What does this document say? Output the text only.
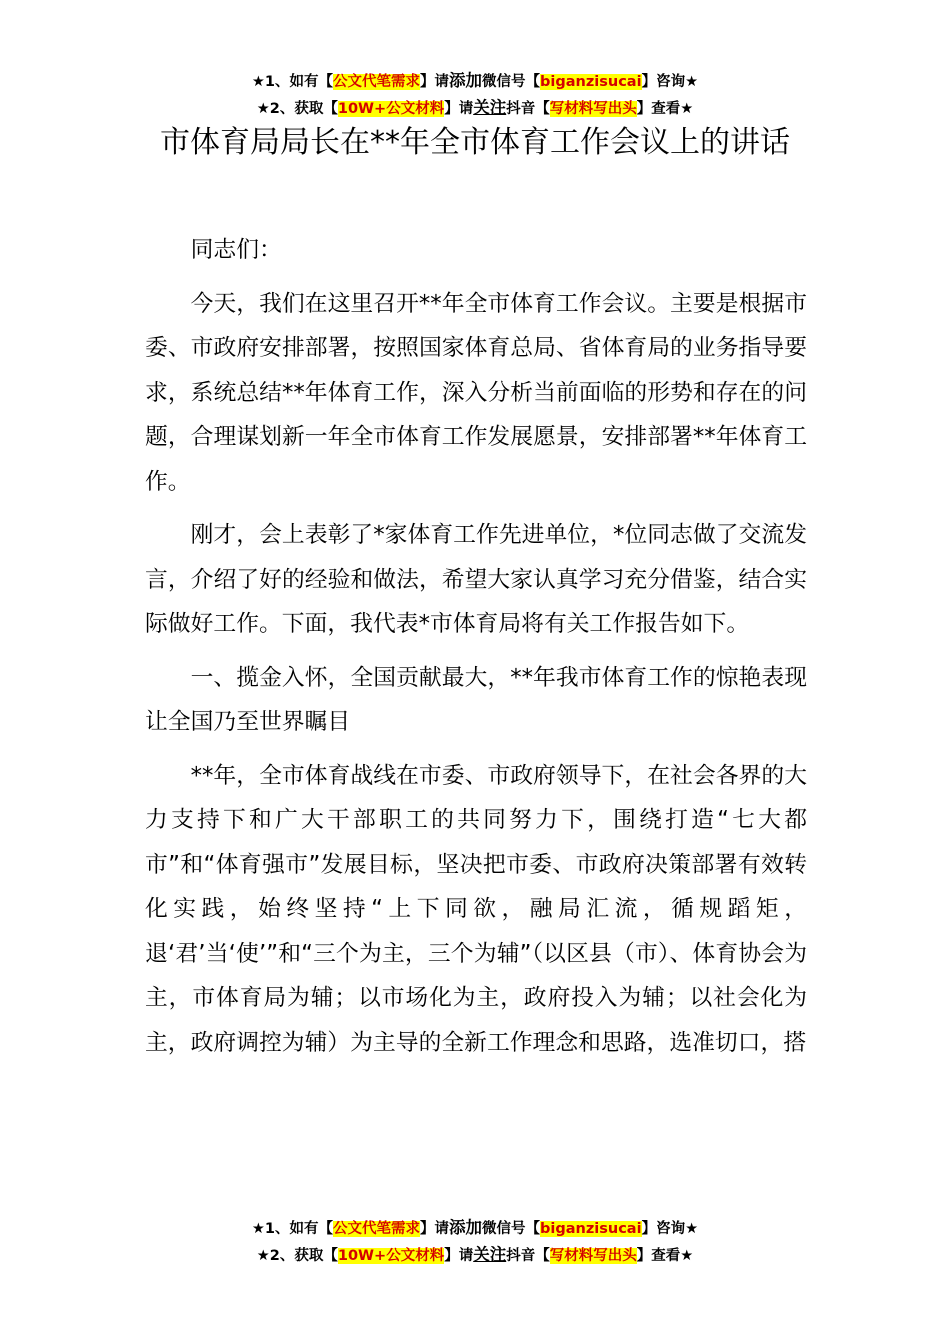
★1、如有【公文代笔需求】请添加微信号【biganzisucai】咨询★
★2、获取【10W+公文材料】请关注抖音【写材料写出头】查看★
市体育局局长在**年全市体育工作会议上的讲话

同志们：

今天，我们在这里召开**年全市体育工作会议。主要是根据市委、市政府安排部署，按照国家体育总局、省体育局的业务指导要求，系统总结**年体育工作，深入分析当前面临的形势和存在的问题，合理谋划新一年全市体育工作发展愿景，安排部署**年体育工作。

刚才，会上表彰了*家体育工作先进单位，*位同志做了交流发言，介绍了好的经验和做法，希望大家认真学习充分借鉴，结合实际做好工作。下面，我代表*市体育局将有关工作报告如下。

一、揽金入怀，全国贡献最大，**年我市体育工作的惊艳表现让全国乃至世界瞩目

**年，全市体育战线在市委、市政府领导下，在社会各界的大力支持下和广大干部职工的共同努力下，围绕打造“七大都市”和“体育强市”发展目标，坚决把市委、市政府决策部署有效转化实践，始终坚持“上下同欲，融局汇流，循规蹈矩，退‘君’当‘使’”和“三个为主，三个为辅”（以区县（市）、体育协会为主，市体育局为辅；以市场化为主，政府投入为辅；以社会化为主，政府调控为辅）为主导的全新工作理念和思路，选准切口，搭

★1、如有【公文代笔需求】请添加微信号【biganzisucai】咨询★
★2、获取【10W+公文材料】请关注抖音【写材料写出头】查看★
